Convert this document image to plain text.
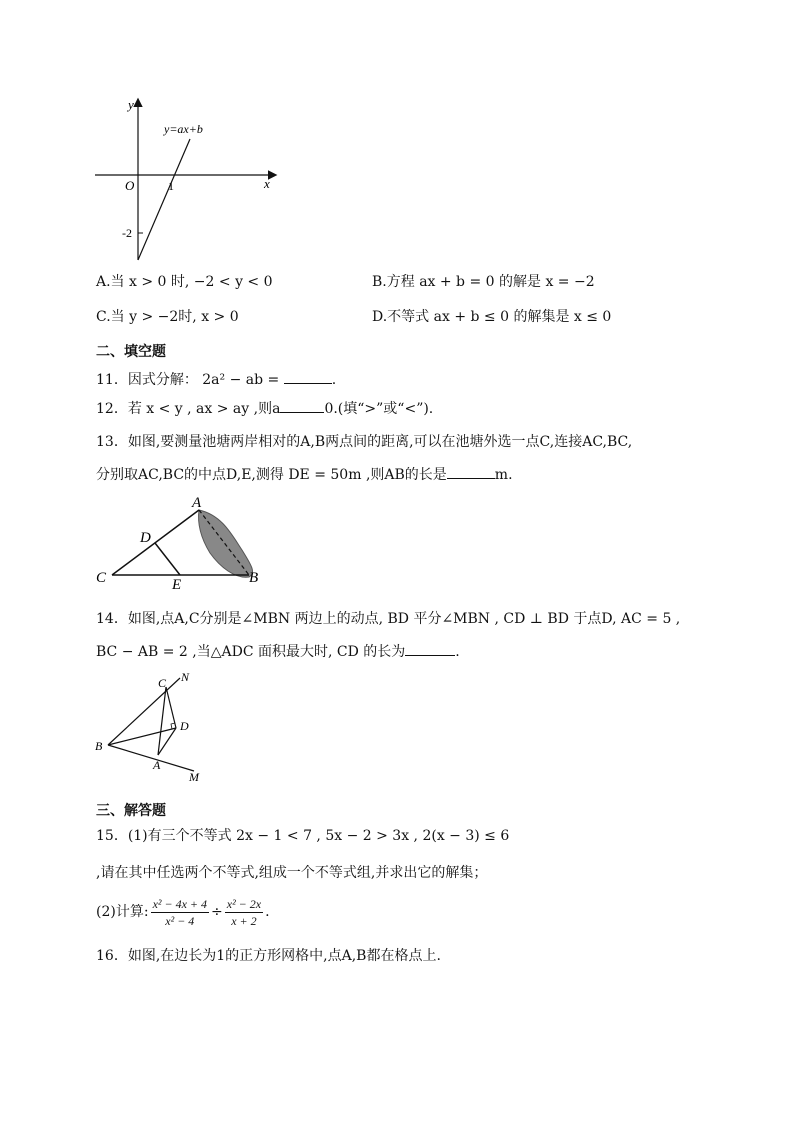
y
x
O
y=ax+b
1
-2
A.当 x > 0 时, −2 < y < 0	B.方程 ax + b = 0 的解是 x = −2
C.当 y > −2时, x > 0	D.不等式 ax + b ≤ 0 的解集是 x ≤ 0
二、填空题
11．因式分解： 2a² − ab =	.
12．若 x < y , ax > ay ,则a	0.(填“>”或“<”).
13．如图,要测量池塘两岸相对的A,B两点间的距离,可以在池塘外选一点C,连接AC,BC,
分别取AC,BC的中点D,E,测得 DE = 50m ,则AB的长是	m.
A
B
C
D
E
14．如图,点A,C分别是∠MBN 两边上的动点, BD 平分∠MBN , CD ⊥ BD 于点D, AC = 5 ,
BC − AB = 2 ,当△ADC 面积最大时, CD 的长为	.
B
C N
D
A
M
三、解答题
15．(1)有三个不等式 2x − 1 < 7 , 5x − 2 > 3x , 2(x − 3) ≤ 6
,请在其中任选两个不等式,组成一个不等式组,并求出它的解集；
(2)计算: $\frac{\text{x² − 4x + 4}}{\text{x² − 4}} \div \frac{\text{x² − 2x}}{x + 2}$ .
16．如图,在边长为1的正方形网格中,点A,B都在格点上.
